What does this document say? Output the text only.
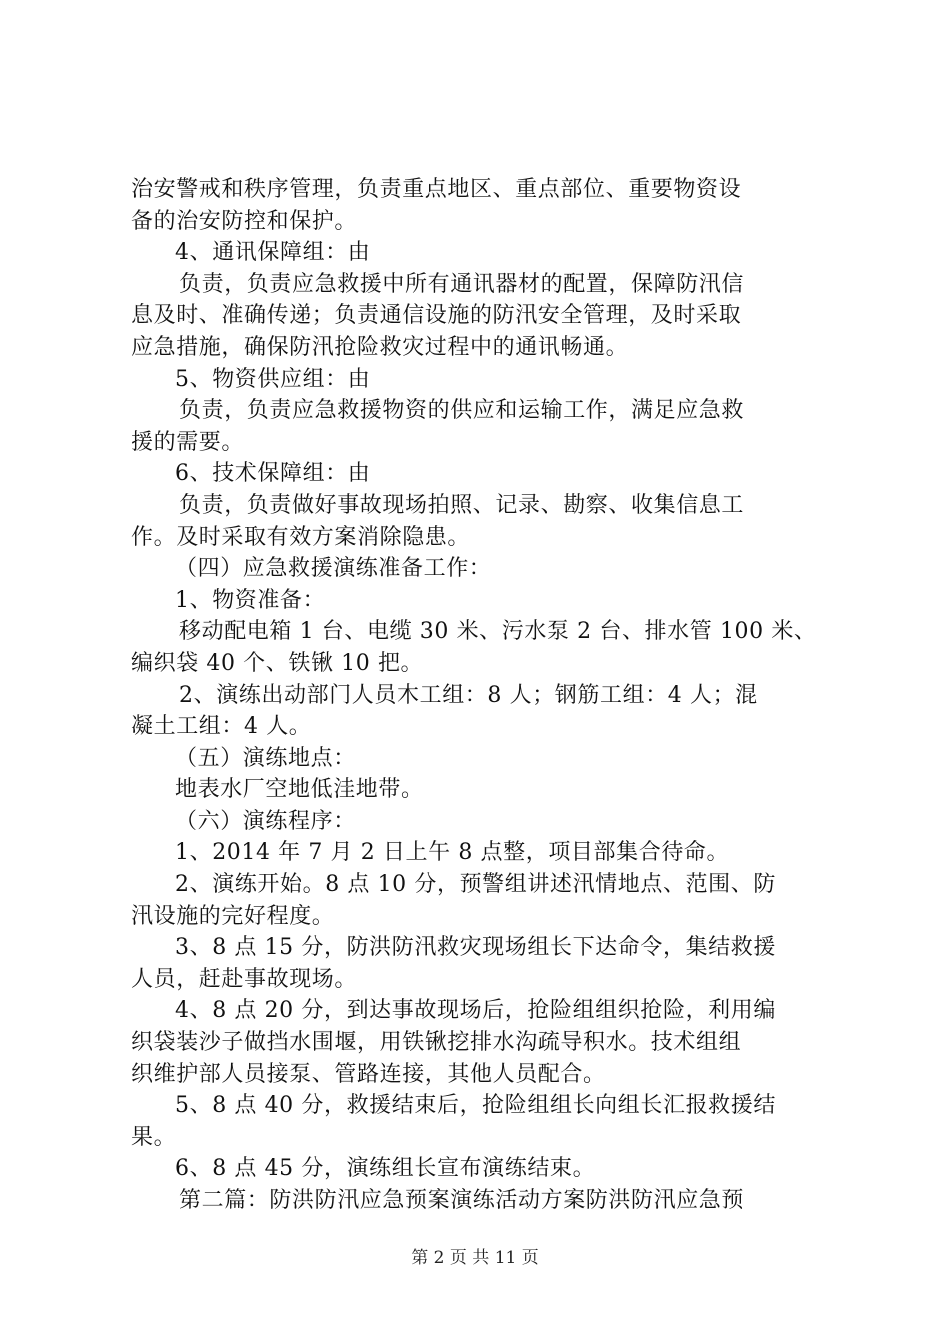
治安警戒和秩序管理，负责重点地区、重点部位、重要物资设
备的治安防控和保护。
4、通讯保障组：由
负责，负责应急救援中所有通讯器材的配置，保障防汛信
息及时、准确传递；负责通信设施的防汛安全管理，及时采取
应急措施，确保防汛抢险救灾过程中的通讯畅通。
5、物资供应组：由
负责，负责应急救援物资的供应和运输工作，满足应急救
援的需要。
6、技术保障组：由
负责，负责做好事故现场拍照、记录、勘察、收集信息工
作。及时采取有效方案消除隐患。
（四）应急救援演练准备工作：
1、物资准备：
移动配电箱 1 台、电缆 30 米、污水泵 2 台、排水管 100 米、
编织袋 40 个、铁锹 10 把。
2、演练出动部门人员木工组：8 人；钢筋工组：4 人；混
凝土工组：4 人。
（五）演练地点：
地表水厂空地低洼地带。
（六）演练程序：
1、2014 年 7 月 2 日上午 8 点整，项目部集合待命。
2、演练开始。8 点 10 分，预警组讲述汛情地点、范围、防
汛设施的完好程度。
3、8 点 15 分，防洪防汛救灾现场组长下达命令，集结救援
人员，赶赴事故现场。
4、8 点 20 分，到达事故现场后，抢险组组织抢险，利用编
织袋装沙子做挡水围堰，用铁锹挖排水沟疏导积水。技术组组
织维护部人员接泵、管路连接，其他人员配合。
5、8 点 40 分，救援结束后，抢险组组长向组长汇报救援结
果。
6、8 点 45 分，演练组长宣布演练结束。
第二篇：防洪防汛应急预案演练活动方案防洪防汛应急预
第 2 页 共 11 页
